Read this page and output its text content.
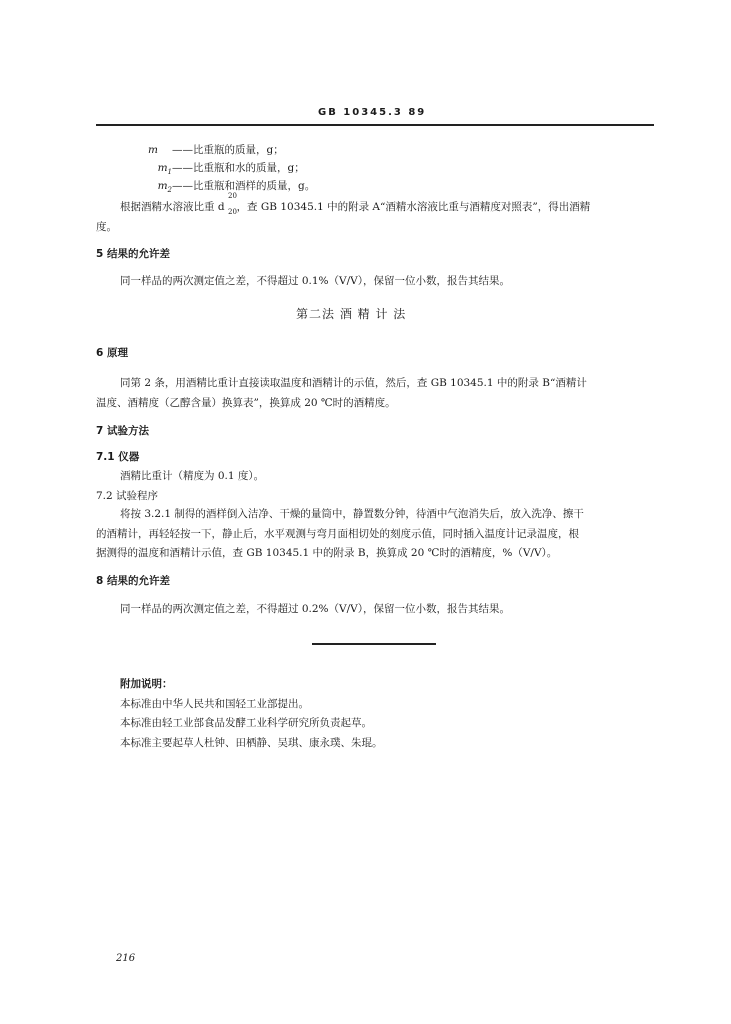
GB 10345.3 89
m ——比重瓶的质量，g；
$m_1——$比重瓶和水的质量，g；
$m_2——$比重瓶和酒样的质量，g。
根据酒精水溶液比重 d ，查 GB 10345.1 中的附录 A“酒精水溶液比重与酒精度对照表”，得出酒精
20
20
度。
5 结果的允许差
同一样品的两次测定值之差，不得超过 0.1%（V/V），保留一位小数，报告其结果。
第二法 酒 精 计 法
6 原理
同第 2 条，用酒精比重计直接读取温度和酒精计的示值，然后，查 GB 10345.1 中的附录 B“酒精计
温度、酒精度（乙醇含量）换算表”，换算成 20 ℃时的酒精度。
7 试验方法
7.1 仪器
酒精比重计（精度为 0.1 度）。
7.2 试验程序
将按 3.2.1 制得的酒样倒入洁净、干燥的量筒中，静置数分钟，待酒中气泡消失后，放入洗净、擦干
的酒精计，再轻轻按一下，静止后，水平观测与弯月面相切处的刻度示值，同时插入温度计记录温度，根
据测得的温度和酒精计示值，查 GB 10345.1 中的附录 B，换算成 20 ℃时的酒精度，%（V/V）。
8 结果的允许差
同一样品的两次测定值之差，不得超过 0.2%（V/V），保留一位小数，报告其结果。
附加说明：
本标准由中华人民共和国轻工业部提出。
本标准由轻工业部食品发酵工业科学研究所负责起草。
本标准主要起草人杜钟、田栖静、吴琪、康永璞、朱琨。
216
